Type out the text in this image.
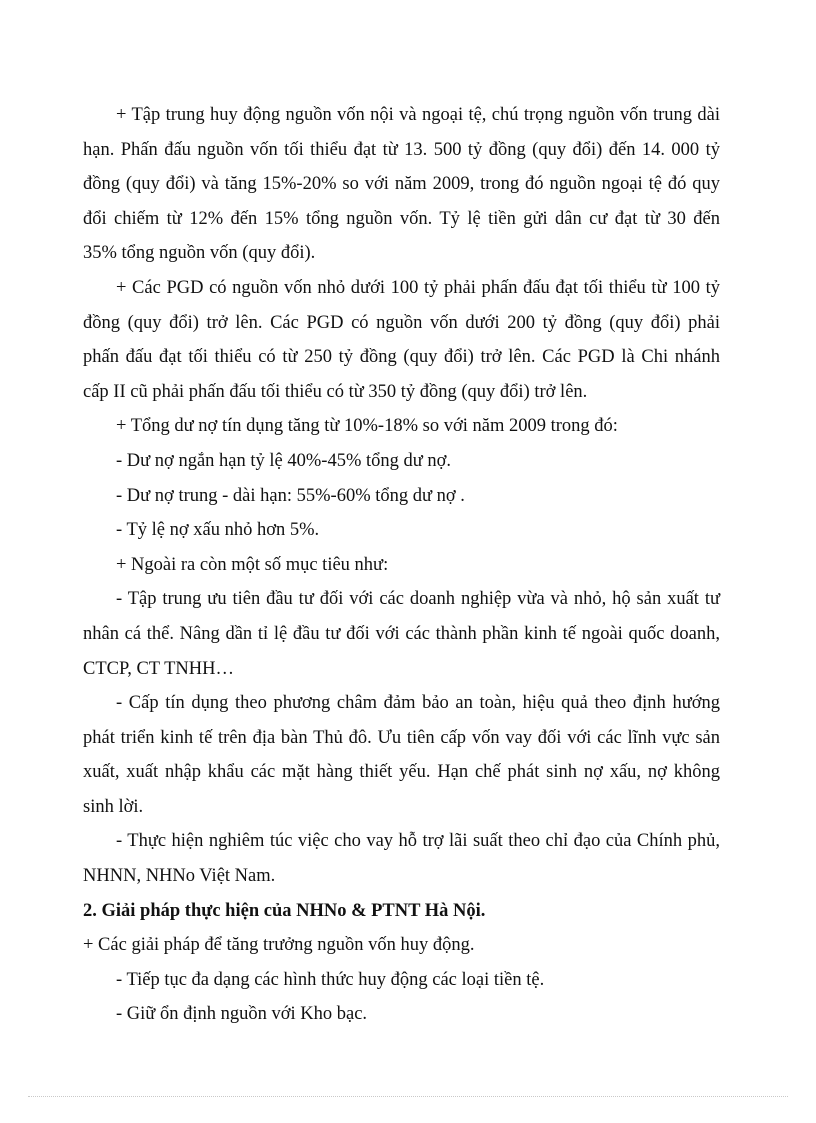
+ Tập trung huy động nguồn vốn nội và ngoại tệ, chú trọng nguồn vốn trung dài
hạn. Phấn đấu nguồn vốn tối thiểu đạt từ 13. 500 tỷ đồng (quy đổi) đến 14. 000 tỷ
đồng (quy đổi) và tăng 15%-20% so với năm 2009, trong đó nguồn ngoại tệ đó quy
đổi chiếm từ 12% đến 15% tổng nguồn vốn. Tỷ lệ tiền gửi dân cư đạt từ 30 đến
35% tổng nguồn vốn (quy đổi).
+ Các PGD có nguồn vốn nhỏ dưới 100 tỷ phải phấn đấu đạt tối thiểu từ 100 tỷ
đồng (quy đổi) trở lên. Các PGD có nguồn vốn dưới 200 tỷ đồng (quy đổi) phải
phấn đấu đạt tối thiểu có từ 250 tỷ đồng (quy đổi) trở lên. Các PGD là Chi nhánh
cấp II cũ phải phấn đấu tối thiểu có từ 350 tỷ đồng (quy đổi) trở lên.
+ Tổng dư nợ tín dụng tăng từ 10%-18% so với năm 2009 trong đó:
- Dư nợ ngắn hạn tỷ lệ 40%-45% tổng dư nợ.
- Dư nợ trung - dài hạn: 55%-60% tổng dư nợ .
- Tỷ lệ nợ xấu nhỏ hơn 5%.
+ Ngoài ra còn một số mục tiêu như:
- Tập trung ưu tiên đầu tư đối với các doanh nghiệp vừa và nhỏ, hộ sản xuất tư
nhân cá thể. Nâng dần tỉ lệ đầu tư đối với các thành phần kinh tế ngoài quốc doanh,
CTCP, CT TNHH…
- Cấp tín dụng theo phương châm đảm bảo an toàn, hiệu quả theo định hướng
phát triển kinh tế trên địa bàn Thủ đô. Ưu tiên cấp vốn vay đối với các lĩnh vực sản
xuất, xuất nhập khẩu các mặt hàng thiết yếu. Hạn chế phát sinh nợ xấu, nợ không
sinh lời.
- Thực hiện nghiêm túc việc cho vay hỗ trợ lãi suất theo chỉ đạo của Chính phủ,
NHNN, NHNo Việt Nam.
2. Giải pháp thực hiện của NHNo & PTNT Hà Nội.
+ Các giải pháp để tăng trưởng nguồn vốn huy động.
- Tiếp tục đa dạng các hình thức huy động các loại tiền tệ.
- Giữ ổn định nguồn với Kho bạc.
